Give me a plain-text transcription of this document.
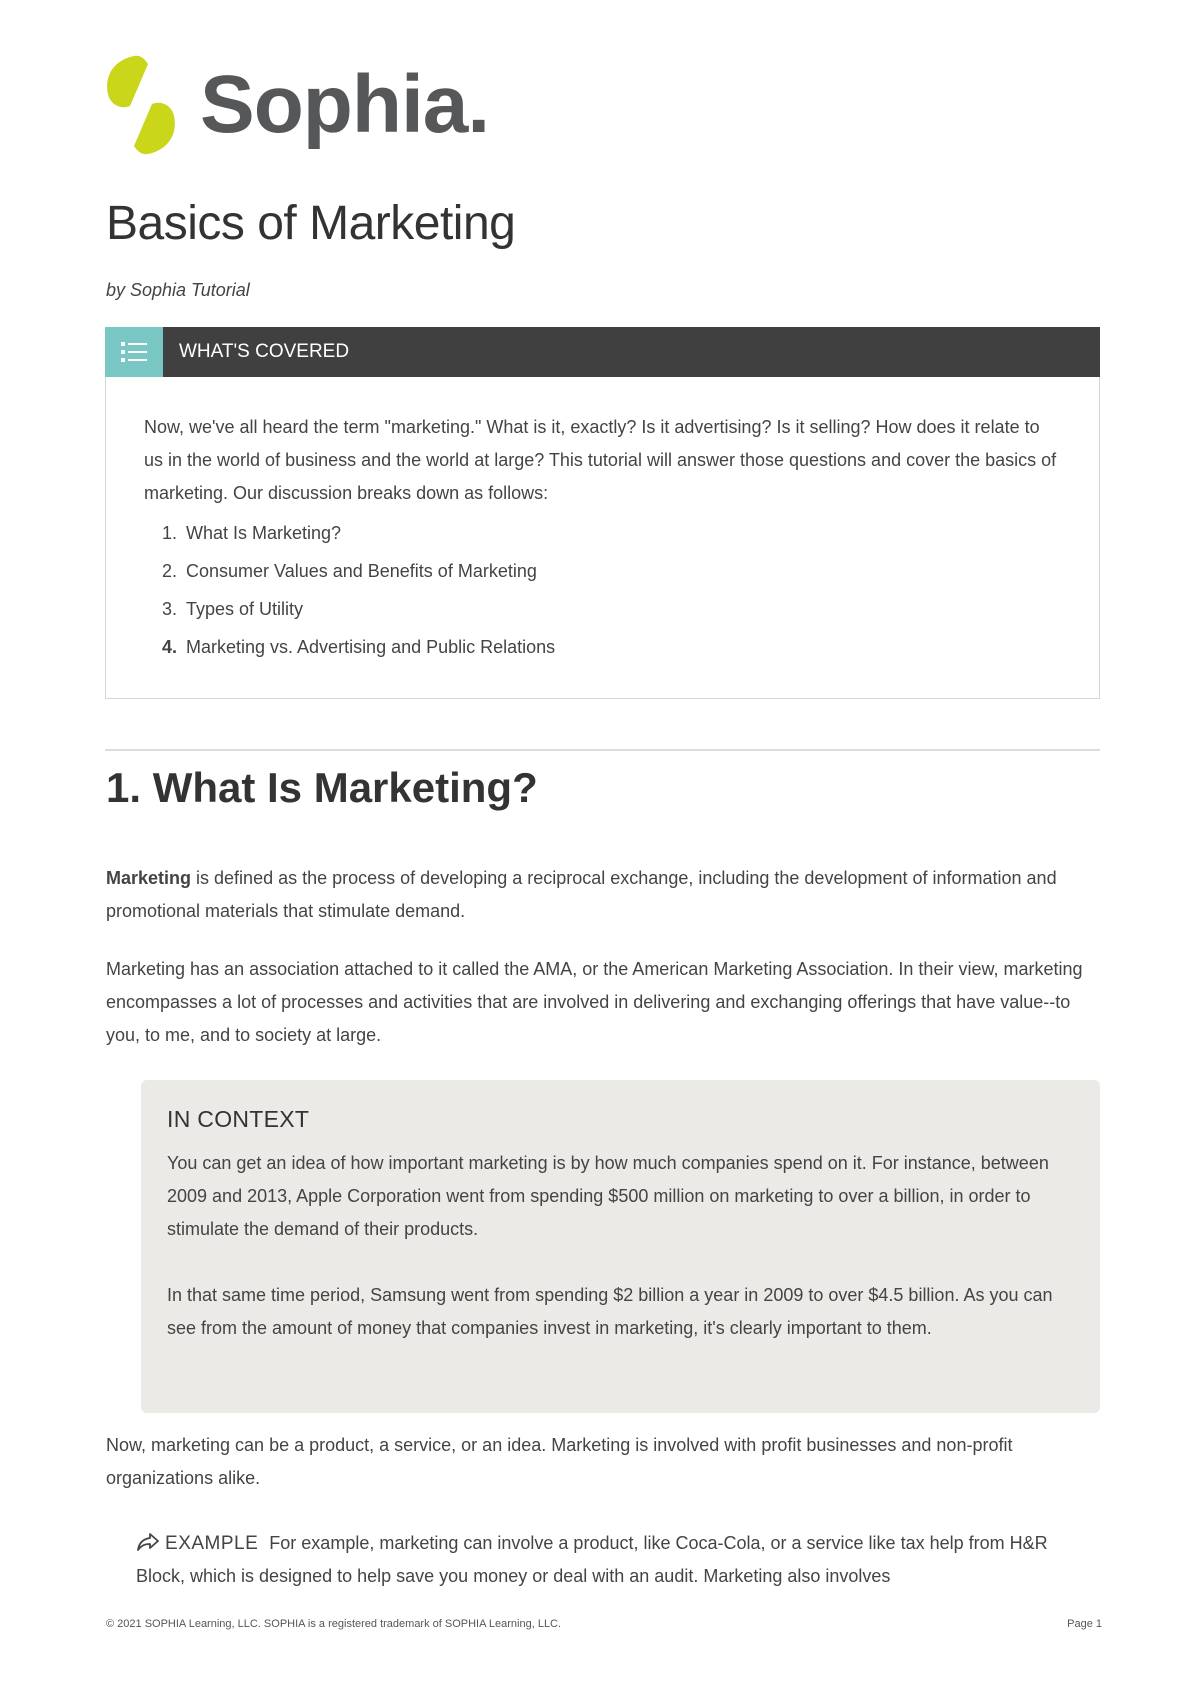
Sophia.
Basics of Marketing

by Sophia Tutorial

WHAT'S COVERED

Now, we've all heard the term "marketing." What is it, exactly? Is it advertising? Is it selling? How does it relate to us in the world of business and the world at large? This tutorial will answer those questions and cover the basics of marketing. Our discussion breaks down as follows:

1. What Is Marketing?
2. Consumer Values and Benefits of Marketing
3. Types of Utility
4. Marketing vs. Advertising and Public Relations
1. What Is Marketing?

Marketing is defined as the process of developing a reciprocal exchange, including the development of information and promotional materials that stimulate demand.

Marketing has an association attached to it called the AMA, or the American Marketing Association. In their view, marketing encompasses a lot of processes and activities that are involved in delivering and exchanging offerings that have value--to you, to me, and to society at large.

IN CONTEXT

You can get an idea of how important marketing is by how much companies spend on it. For instance, between 2009 and 2013, Apple Corporation went from spending $500 million on marketing to over a billion, in order to stimulate the demand of their products.

In that same time period, Samsung went from spending $2 billion a year in 2009 to over $4.5 billion. As you can see from the amount of money that companies invest in marketing, it's clearly important to them.

Now, marketing can be a product, a service, or an idea. Marketing is involved with profit businesses and non-profit organizations alike.

EXAMPLE For example, marketing can involve a product, like Coca-Cola, or a service like tax help from H&R Block, which is designed to help save you money or deal with an audit. Marketing also involves
© 2021 SOPHIA Learning, LLC. SOPHIA is a registered trademark of SOPHIA Learning, LLC.	Page 1
